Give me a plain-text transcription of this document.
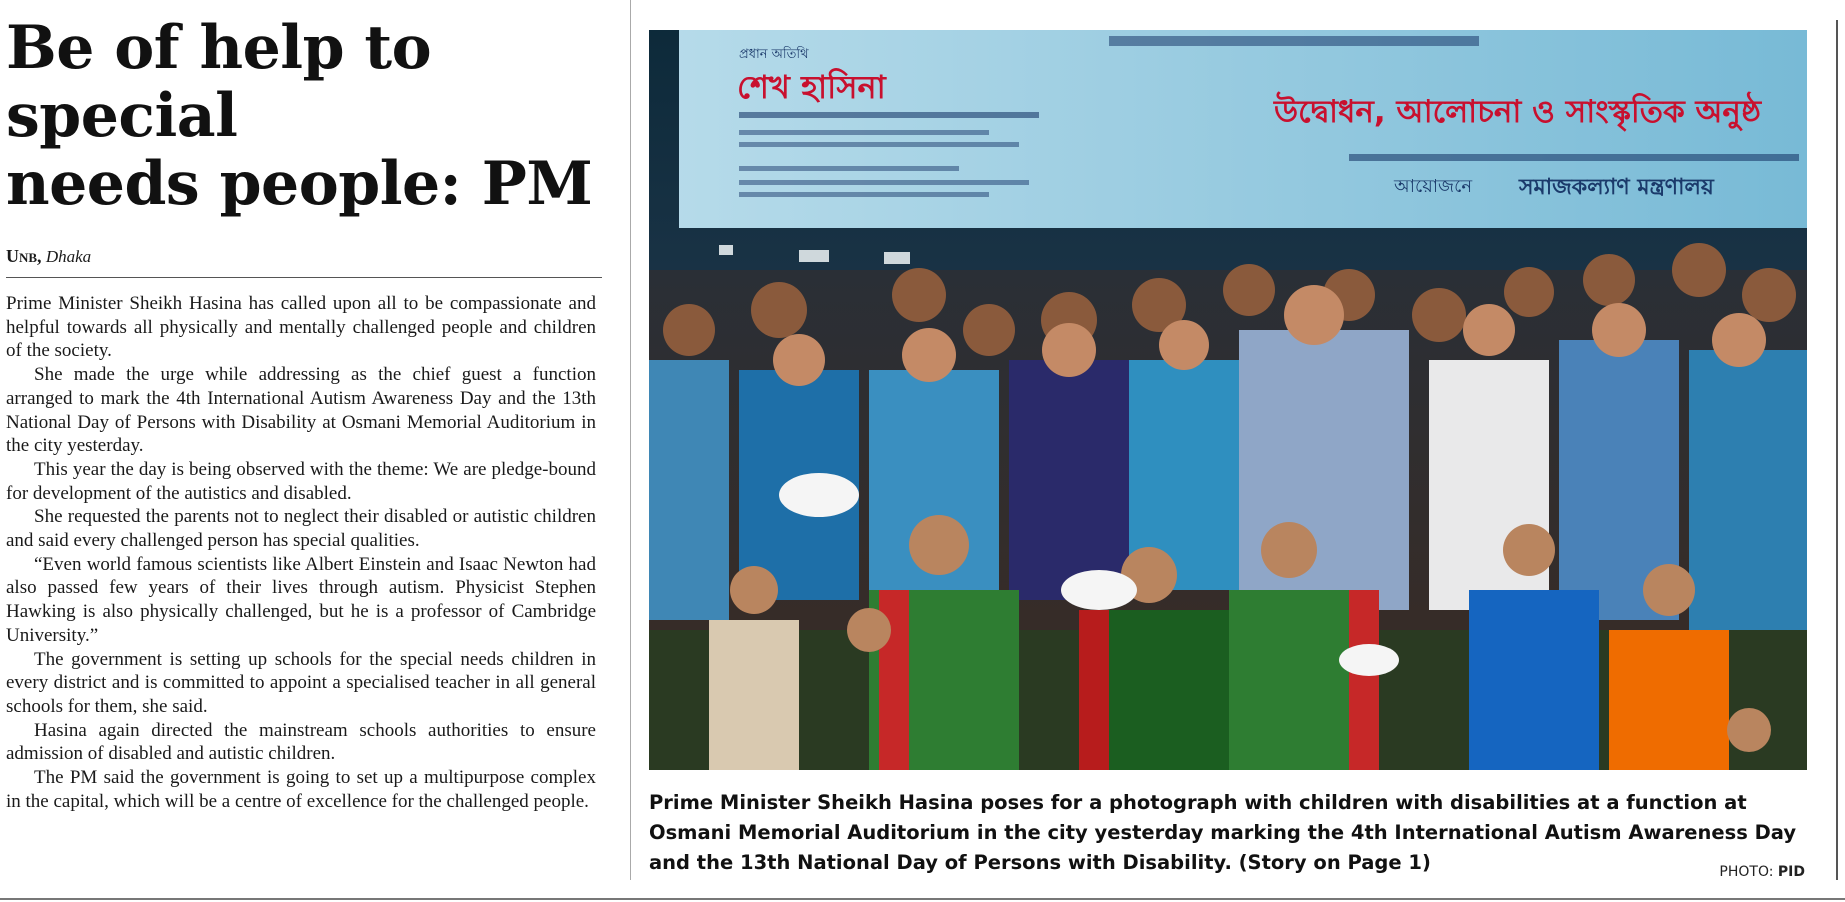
Be of help to special
needs people: PM
Unb, Dhaka

Prime Minister Sheikh Hasina has called upon all to be compassionate and helpful towards all physically and mentally challenged people and children of the society.

She made the urge while addressing as the chief guest a function arranged to mark the 4th International Autism Awareness Day and the 13th National Day of Persons with Disability at Osmani Memorial Auditorium in the city yesterday.

This year the day is being observed with the theme: We are pledge-bound for development of the autistics and disabled.

She requested the parents not to neglect their disabled or autistic children and said every challenged person has special qualities.

“Even world famous scientists like Albert Einstein and Isaac Newton had also passed few years of their lives through autism. Physicist Stephen Hawking is also physically challenged, but he is a professor of Cambridge University.”

The government is setting up schools for the special needs children in every district and is committed to appoint a specialised teacher in all general schools for them, she said.

Hasina again directed the mainstream schools authorities to ensure admission of disabled and autistic children.

The PM said the government is going to set up a multipurpose complex in the capital, which will be a centre of excellence for the challenged people.

প্রধান অতিথি
শেখ হাসিনা
উদ্বোধন, আলোচনা ও সাংস্কৃতিক অনুষ্ঠ
আয়োজনে সমাজকল্যাণ মন্ত্রণালয়
Prime Minister Sheikh Hasina poses for a photograph with children with disabilities at a function at Osmani Memorial Auditorium in the city yesterday marking the 4th International Autism Awareness Day and the 13th National Day of Persons with Disability. (Story on Page 1)	PHOTO: PID
